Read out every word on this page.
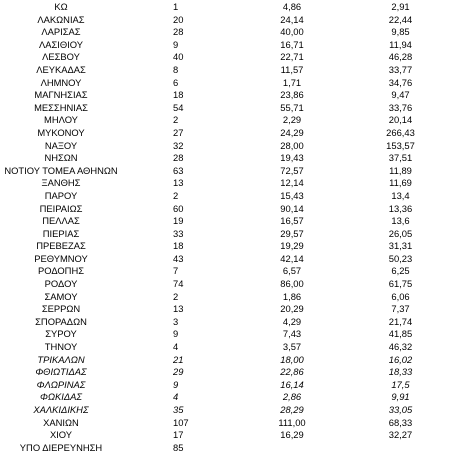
ΚΩ	1	4,86	2,91
ΛΑΚΩΝΙΑΣ	20	24,14	22,44
ΛΑΡΙΣΑΣ	28	40,00	9,85
ΛΑΣΙΘΙΟΥ	9	16,71	11,94
ΛΕΣΒΟΥ	40	22,71	46,28
ΛΕΥΚΑΔΑΣ	8	11,57	33,77
ΛΗΜΝΟΥ	6	1,71	34,76
ΜΑΓΝΗΣΙΑΣ	18	23,86	9,47
ΜΕΣΣΗΝΙΑΣ	54	55,71	33,76
ΜΗΛΟΥ	2	2,29	20,14
ΜΥΚΟΝΟΥ	27	24,29	266,43
ΝΑΞΟΥ	32	28,00	153,57
ΝΗΣΩΝ	28	19,43	37,51
ΝΟΤΙΟΥ ΤΟΜΕΑ ΑΘΗΝΩΝ	63	72,57	11,89
ΞΑΝΘΗΣ	13	12,14	11,69
ΠΑΡΟΥ	2	15,43	13,4
ΠΕΙΡΑΙΩΣ	60	90,14	13,36
ΠΕΛΛΑΣ	19	16,57	13,6
ΠΙΕΡΙΑΣ	33	29,57	26,05
ΠΡΕΒΕΖΑΣ	18	19,29	31,31
ΡΕΘΥΜΝΟΥ	43	42,14	50,23
ΡΟΔΟΠΗΣ	7	6,57	6,25
ΡΟΔΟΥ	74	86,00	61,75
ΣΑΜΟΥ	2	1,86	6,06
ΣΕΡΡΩΝ	13	20,29	7,37
ΣΠΟΡΑΔΩΝ	3	4,29	21,74
ΣΥΡΟΥ	9	7,43	41,85
ΤΗΝΟΥ	4	3,57	46,32
ΤΡΙΚΑΛΩΝ	21	18,00	16,02
ΦΘΙΩΤΙΔΑΣ	29	22,86	18,33
ΦΛΩΡΙΝΑΣ	9	16,14	17,5
ΦΩΚΙΔΑΣ	4	2,86	9,91
ΧΑΛΚΙΔΙΚΗΣ	35	28,29	33,05
ΧΑΝΙΩΝ	107	111,00	68,33
ΧΙΟΥ	17	16,29	32,27
ΥΠΟ ΔΙΕΡΕΥΝΗΣΗ	85
